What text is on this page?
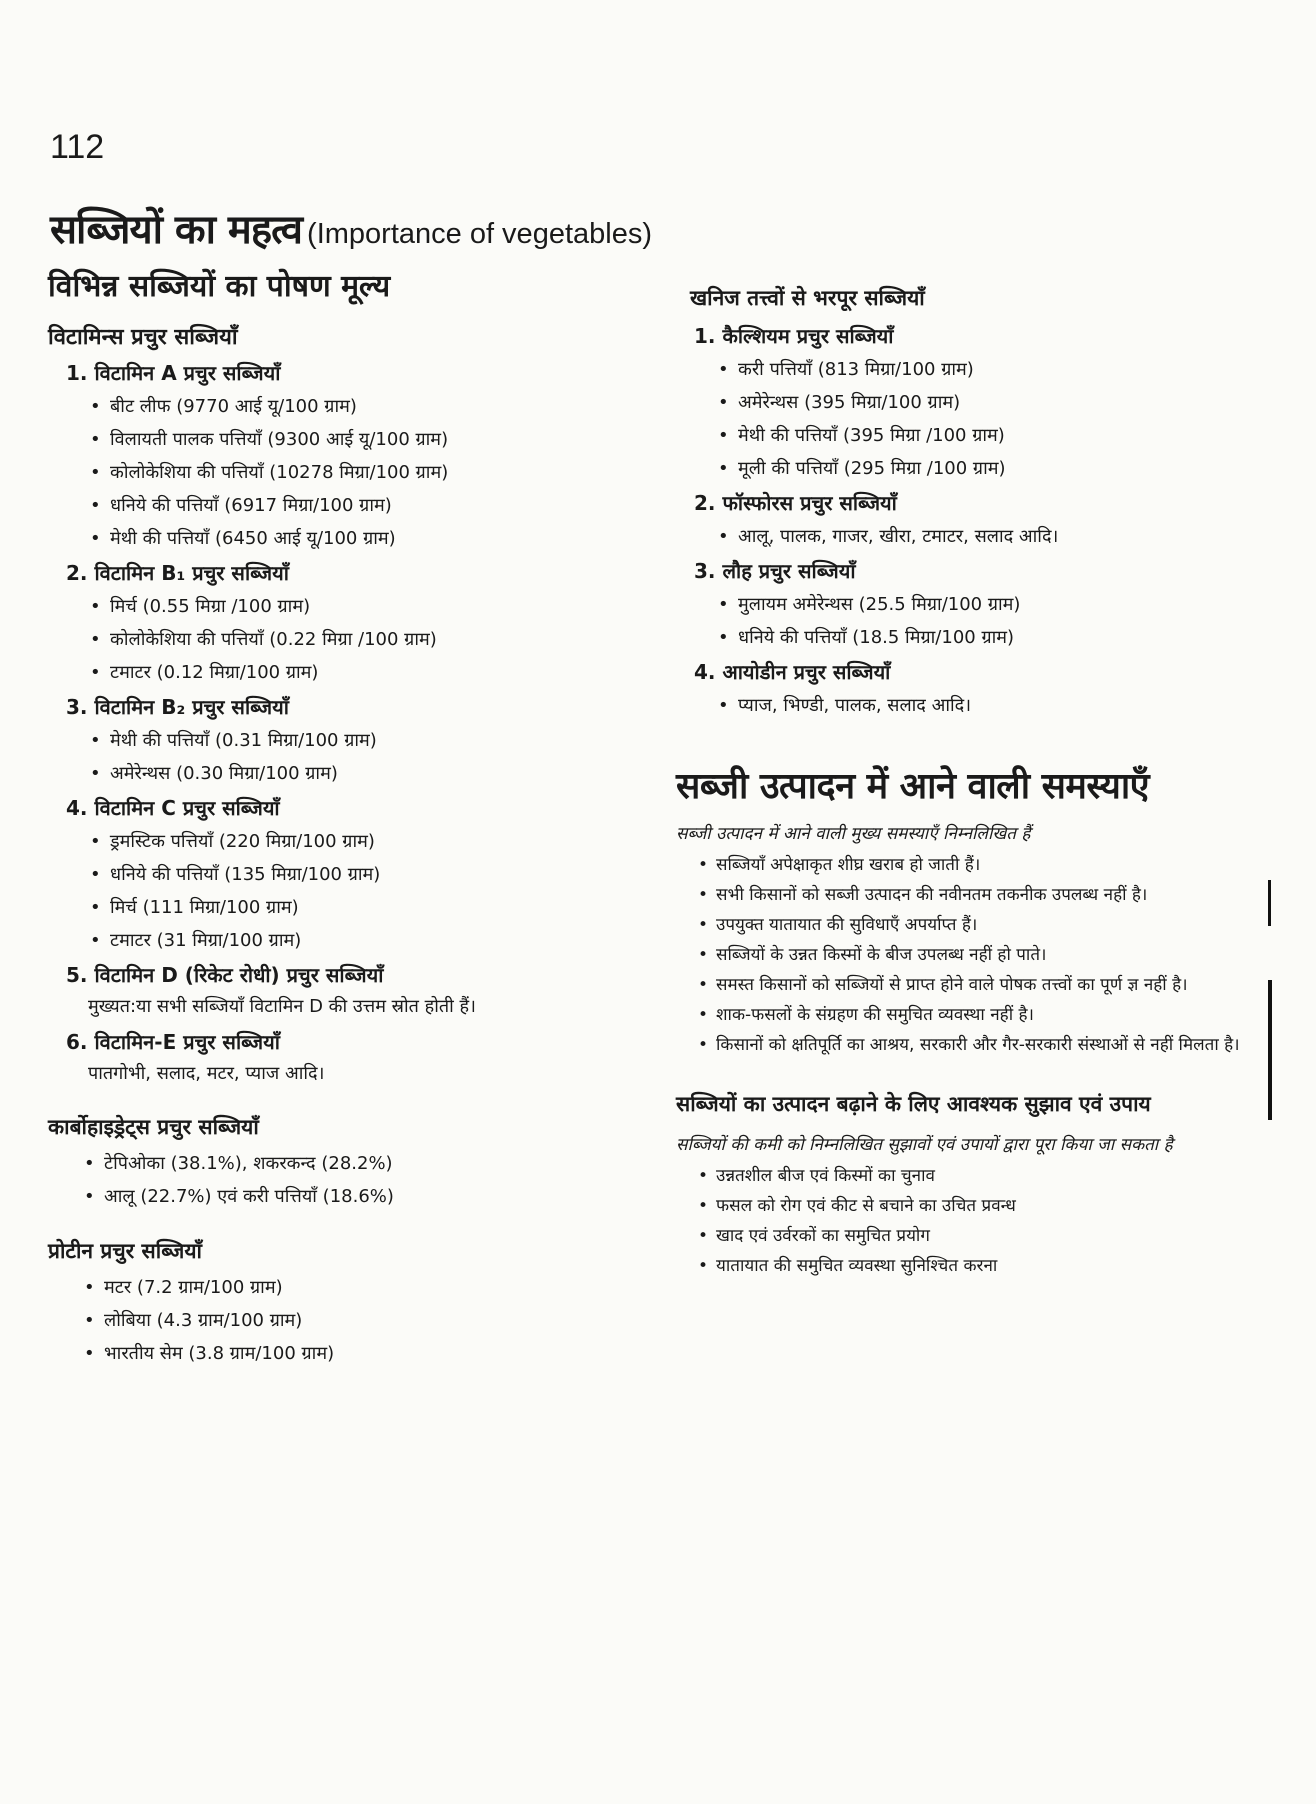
112
सब्जियों का महत्व (Importance of vegetables)
विभिन्न सब्जियों का पोषण मूल्य
विटामिन्स प्रचुर सब्जियाँ
1. विटामिन A प्रचुर सब्जियाँ
• बीट लीफ (9770 आई यू/100 ग्राम)
• विलायती पालक पत्तियाँ (9300 आई यू/100 ग्राम)
• कोलोकेशिया की पत्तियाँ (10278 मिग्रा/100 ग्राम)
• धनिये की पत्तियाँ (6917 मिग्रा/100 ग्राम)
• मेथी की पत्तियाँ (6450 आई यू/100 ग्राम)
2. विटामिन B₁ प्रचुर सब्जियाँ
• मिर्च (0.55 मिग्रा /100 ग्राम)
• कोलोकेशिया की पत्तियाँ (0.22 मिग्रा /100 ग्राम)
• टमाटर (0.12 मिग्रा/100 ग्राम)
3. विटामिन B₂ प्रचुर सब्जियाँ
• मेथी की पत्तियाँ (0.31 मिग्रा/100 ग्राम)
• अमेरेन्थस (0.30 मिग्रा/100 ग्राम)
4. विटामिन C प्रचुर सब्जियाँ
• ड्रमस्टिक पत्तियाँ (220 मिग्रा/100 ग्राम)
• धनिये की पत्तियाँ (135 मिग्रा/100 ग्राम)
• मिर्च (111 मिग्रा/100 ग्राम)
• टमाटर (31 मिग्रा/100 ग्राम)
5. विटामिन D (रिकेट रोधी) प्रचुर सब्जियाँ

मुख्यत:या सभी सब्जियाँ विटामिन D की उत्तम स्रोत होती हैं।

6. विटामिन-E प्रचुर सब्जियाँ

पातगोभी, सलाद, मटर, प्याज आदि।

कार्बोहाइड्रेट्स प्रचुर सब्जियाँ
• टेपिओका (38.1%), शकरकन्द (28.2%)
• आलू (22.7%) एवं करी पत्तियाँ (18.6%)
प्रोटीन प्रचुर सब्जियाँ
• मटर (7.2 ग्राम/100 ग्राम)
• लोबिया (4.3 ग्राम/100 ग्राम)
• भारतीय सेम (3.8 ग्राम/100 ग्राम)
खनिज तत्त्वों से भरपूर सब्जियाँ
1. कैल्शियम प्रचुर सब्जियाँ
• करी पत्तियाँ (813 मिग्रा/100 ग्राम)
• अमेरेन्थस (395 मिग्रा/100 ग्राम)
• मेथी की पत्तियाँ (395 मिग्रा /100 ग्राम)
• मूली की पत्तियाँ (295 मिग्रा /100 ग्राम)
2. फॉस्फोरस प्रचुर सब्जियाँ
• आलू, पालक, गाजर, खीरा, टमाटर, सलाद आदि।
3. लौह प्रचुर सब्जियाँ
• मुलायम अमेरेन्थस (25.5 मिग्रा/100 ग्राम)
• धनिये की पत्तियाँ (18.5 मिग्रा/100 ग्राम)
4. आयोडीन प्रचुर सब्जियाँ
• प्याज, भिण्डी, पालक, सलाद आदि।
सब्जी उत्पादन में आने वाली समस्याएँ

सब्जी उत्पादन में आने वाली मुख्य समस्याएँ निम्नलिखित हैं

• सब्जियाँ अपेक्षाकृत शीघ्र खराब हो जाती हैं।
• सभी किसानों को सब्जी उत्पादन की नवीनतम तकनीक उपलब्ध नहीं है।
• उपयुक्त यातायात की सुविधाएँ अपर्याप्त हैं।
• सब्जियों के उन्नत किस्मों के बीज उपलब्ध नहीं हो पाते।
• समस्त किसानों को सब्जियों से प्राप्त होने वाले पोषक तत्त्वों का पूर्ण ज्ञ नहीं है।
• शाक-फसलों के संग्रहण की समुचित व्यवस्था नहीं है।
• किसानों को क्षतिपूर्ति का आश्रय, सरकारी और गैर-सरकारी संस्थाओं से नहीं मिलता है।
सब्जियों का उत्पादन बढ़ाने के लिए आवश्यक सुझाव एवं उपाय

सब्जियों की कमी को निम्नलिखित सुझावों एवं उपायों द्वारा पूरा किया जा सकता है

• उन्नतशील बीज एवं किस्मों का चुनाव
• फसल को रोग एवं कीट से बचाने का उचित प्रवन्ध
• खाद एवं उर्वरकों का समुचित प्रयोग
• यातायात की समुचित व्यवस्था सुनिश्चित करना
